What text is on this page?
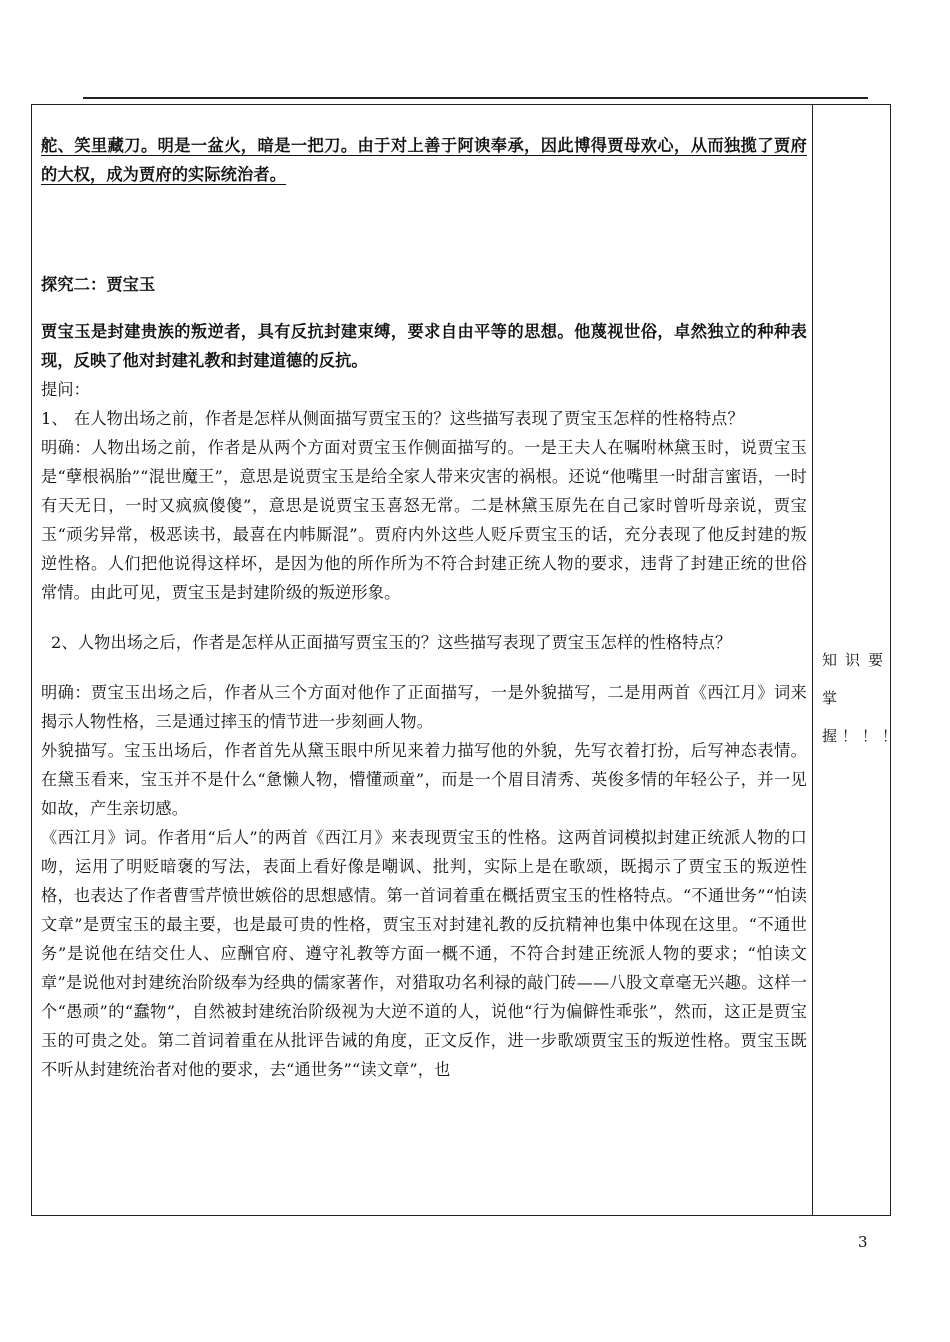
舵、笑里藏刀。明是一盆火，暗是一把刀。由于对上善于阿谀奉承，因此博得贾母欢心，从而独揽了贾府的大权，成为贾府的实际统治者。

探究二：贾宝玉

贾宝玉是封建贵族的叛逆者，具有反抗封建束缚，要求自由平等的思想。他蔑视世俗，卓然独立的种种表现，反映了他对封建礼教和封建道德的反抗。

提问：

1、 在人物出场之前，作者是怎样从侧面描写贾宝玉的？这些描写表现了贾宝玉怎样的性格特点？

明确：人物出场之前，作者是从两个方面对贾宝玉作侧面描写的。一是王夫人在嘱咐林黛玉时，说贾宝玉是“孽根祸胎”“混世魔王”，意思是说贾宝玉是给全家人带来灾害的祸根。还说“他嘴里一时甜言蜜语，一时有天无日，一时又疯疯傻傻”，意思是说贾宝玉喜怒无常。二是林黛玉原先在自己家时曾听母亲说，贾宝玉“顽劣异常，极恶读书，最喜在内帏厮混”。贾府内外这些人贬斥贾宝玉的话，充分表现了他反封建的叛逆性格。人们把他说得这样坏，是因为他的所作所为不符合封建正统人物的要求，违背了封建正统的世俗常情。由此可见，贾宝玉是封建阶级的叛逆形象。

2、人物出场之后，作者是怎样从正面描写贾宝玉的？这些描写表现了贾宝玉怎样的性格特点？

明确：贾宝玉出场之后，作者从三个方面对他作了正面描写，一是外貌描写，二是用两首《西江月》词来揭示人物性格，三是通过摔玉的情节进一步刻画人物。

外貌描写。宝玉出场后，作者首先从黛玉眼中所见来着力描写他的外貌，先写衣着打扮，后写神态表情。在黛玉看来，宝玉并不是什么“惫懒人物，懵懂顽童”，而是一个眉目清秀、英俊多情的年轻公子，并一见如故，产生亲切感。

《西江月》词。作者用“后人”的两首《西江月》来表现贾宝玉的性格。这两首词模拟封建正统派人物的口吻，运用了明贬暗褒的写法，表面上看好像是嘲讽、批判，实际上是在歌颂，既揭示了贾宝玉的叛逆性格，也表达了作者曹雪芹愤世嫉俗的思想感情。第一首词着重在概括贾宝玉的性格特点。“不通世务”“怕读文章”是贾宝玉的最主要，也是最可贵的性格，贾宝玉对封建礼教的反抗精神也集中体现在这里。“不通世务”是说他在结交仕人、应酬官府、遵守礼教等方面一概不通，不符合封建正统派人物的要求；“怕读文章”是说他对封建统治阶级奉为经典的儒家著作，对猎取功名利禄的敲门砖——八股文章毫无兴趣。这样一个“愚顽”的“蠢物”，自然被封建统治阶级视为大逆不道的人，说他“行为偏僻性乖张”，然而，这正是贾宝玉的可贵之处。第二首词着重在从批评告诫的角度，正文反作，进一步歌颂贾宝玉的叛逆性格。贾宝玉既不听从封建统治者对他的要求，去“通世务”“读文章”，也

知识要掌握！！！

3
